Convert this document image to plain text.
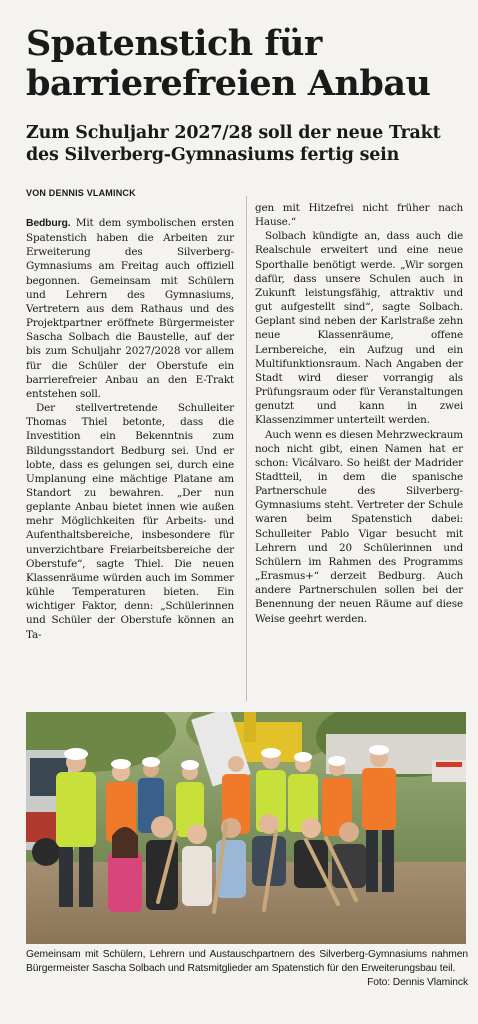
Spatenstich für
barrierefreien Anbau
Zum Schuljahr 2027/28 soll der neue Trakt
des Silverberg-Gymnasiums fertig sein
VON DENNIS VLAMINCK

Bedburg. Mit dem symbolischen ersten Spatenstich haben die Arbeiten zur Erweiterung des Silverberg-Gymnasiums am Freitag auch offiziell begonnen. Gemeinsam mit Schülern und Lehrern des Gymnasiums, Vertretern aus dem Rathaus und des Projektpartner eröffnete Bürgermeister Sascha Solbach die Baustelle, auf der bis zum Schuljahr 2027/2028 vor allem für die Schüler der Oberstufe ein barrierefreier Anbau an den E-Trakt entstehen soll.

Der stellvertretende Schulleiter Thomas Thiel betonte, dass die Investition ein Bekenntnis zum Bildungsstandort Bedburg sei. Und er lobte, dass es gelungen sei, durch eine Umplanung eine mächtige Platane am Standort zu bewahren. „Der nun geplante Anbau bietet innen wie außen mehr Möglichkeiten für Arbeits- und Aufenthaltsbereiche, insbesondere für unverzichtbare Freiarbeitsbereiche der Oberstufe“, sagte Thiel. Die neuen Klassenräume würden auch im Sommer kühle Temperaturen bieten. Ein wichtiger Faktor, denn: „Schülerinnen und Schüler der Oberstufe können an Ta-

gen mit Hitzefrei nicht früher nach Hause.“

Solbach kündigte an, dass auch die Realschule erweitert und eine neue Sporthalle benötigt werde. „Wir sorgen dafür, dass unsere Schulen auch in Zukunft leistungsfähig, attraktiv und gut aufgestellt sind“, sagte Solbach. Geplant sind neben der Karlstraße zehn neue Klassenräume, offene Lernbereiche, ein Aufzug und ein Multifunktionsraum. Nach Angaben der Stadt wird dieser vorrangig als Prüfungsraum oder für Veranstaltungen genutzt und kann in zwei Klassenzimmer unterteilt werden.

Auch wenn es diesen Mehrzweckraum noch nicht gibt, einen Namen hat er schon: Vicálvaro. So heißt der Madrider Stadtteil, in dem die spanische Partnerschule des Silverberg-Gymnasiums steht. Vertreter der Schule waren beim Spatenstich dabei: Schulleiter Pablo Vigar besucht mit Lehrern und 20 Schülerinnen und Schülern im Rahmen des Programms „Erasmus+“ derzeit Bedburg. Auch andere Partnerschulen sollen bei der Benennung der neuen Räume auf diese Weise geehrt werden.

Gemeinsam mit Schülern, Lehrern und Austauschpartnern des Silverberg-Gymnasiums nahmen Bürgermeister Sascha Solbach und Ratsmitglieder am Spatenstich für den Erweiterungsbau teil.
Foto: Dennis Vlaminck
